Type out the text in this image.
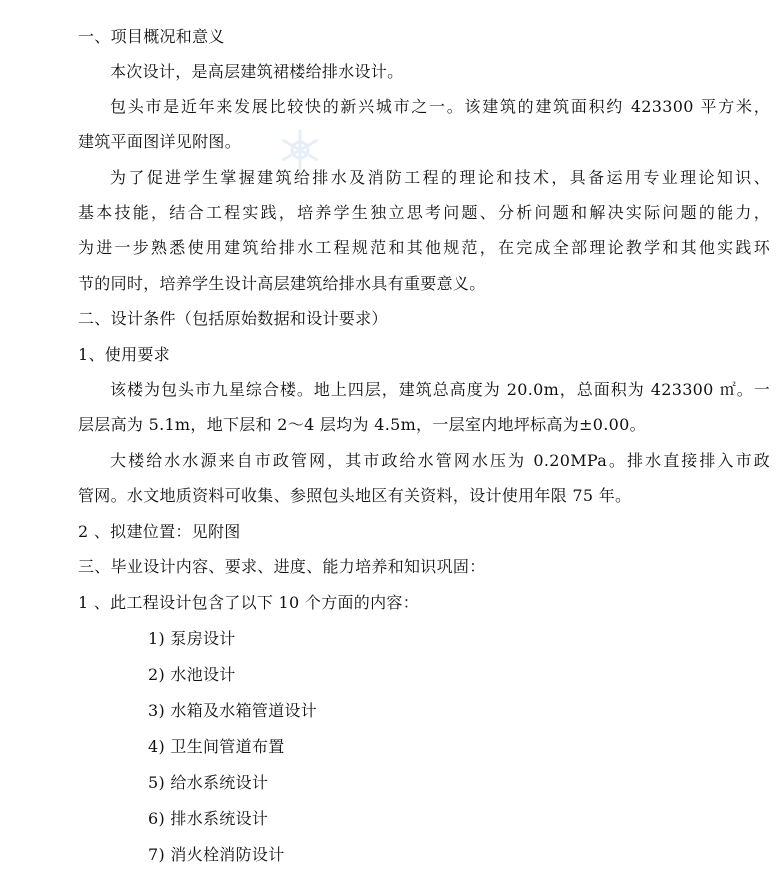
一、项目概况和意义
本次设计，是高层建筑裙楼给排水设计。
包头市是近年来发展比较快的新兴城市之一。该建筑的建筑面积约 423300 平方米，
建筑平面图详见附图。
为了促进学生掌握建筑给排水及消防工程的理论和技术，具备运用专业理论知识、
基本技能，结合工程实践，培养学生独立思考问题、分析问题和解决实际问题的能力，
为进一步熟悉使用建筑给排水工程规范和其他规范，在完成全部理论教学和其他实践环
节的同时，培养学生设计高层建筑给排水具有重要意义。
二、设计条件（包括原始数据和设计要求）
1、使用要求
该楼为包头市九星综合楼。地上四层，建筑总高度为 20.0m，总面积为 423300 ㎡。一
层层高为 5.1m，地下层和 2～4 层均为 4.5m，一层室内地坪标高为±0.00。
大楼给水水源来自市政管网，其市政给水管网水压为 0.20MPa。排水直接排入市政
管网。水文地质资料可收集、参照包头地区有关资料，设计使用年限 75 年。
2 、拟建位置：见附图
三、毕业设计内容、要求、进度、能力培养和知识巩固：
1 、此工程设计包含了以下 10 个方面的内容：
1) 泵房设计
2) 水池设计
3) 水箱及水箱管道设计
4) 卫生间管道布置
5) 给水系统设计
6) 排水系统设计
7) 消火栓消防设计
